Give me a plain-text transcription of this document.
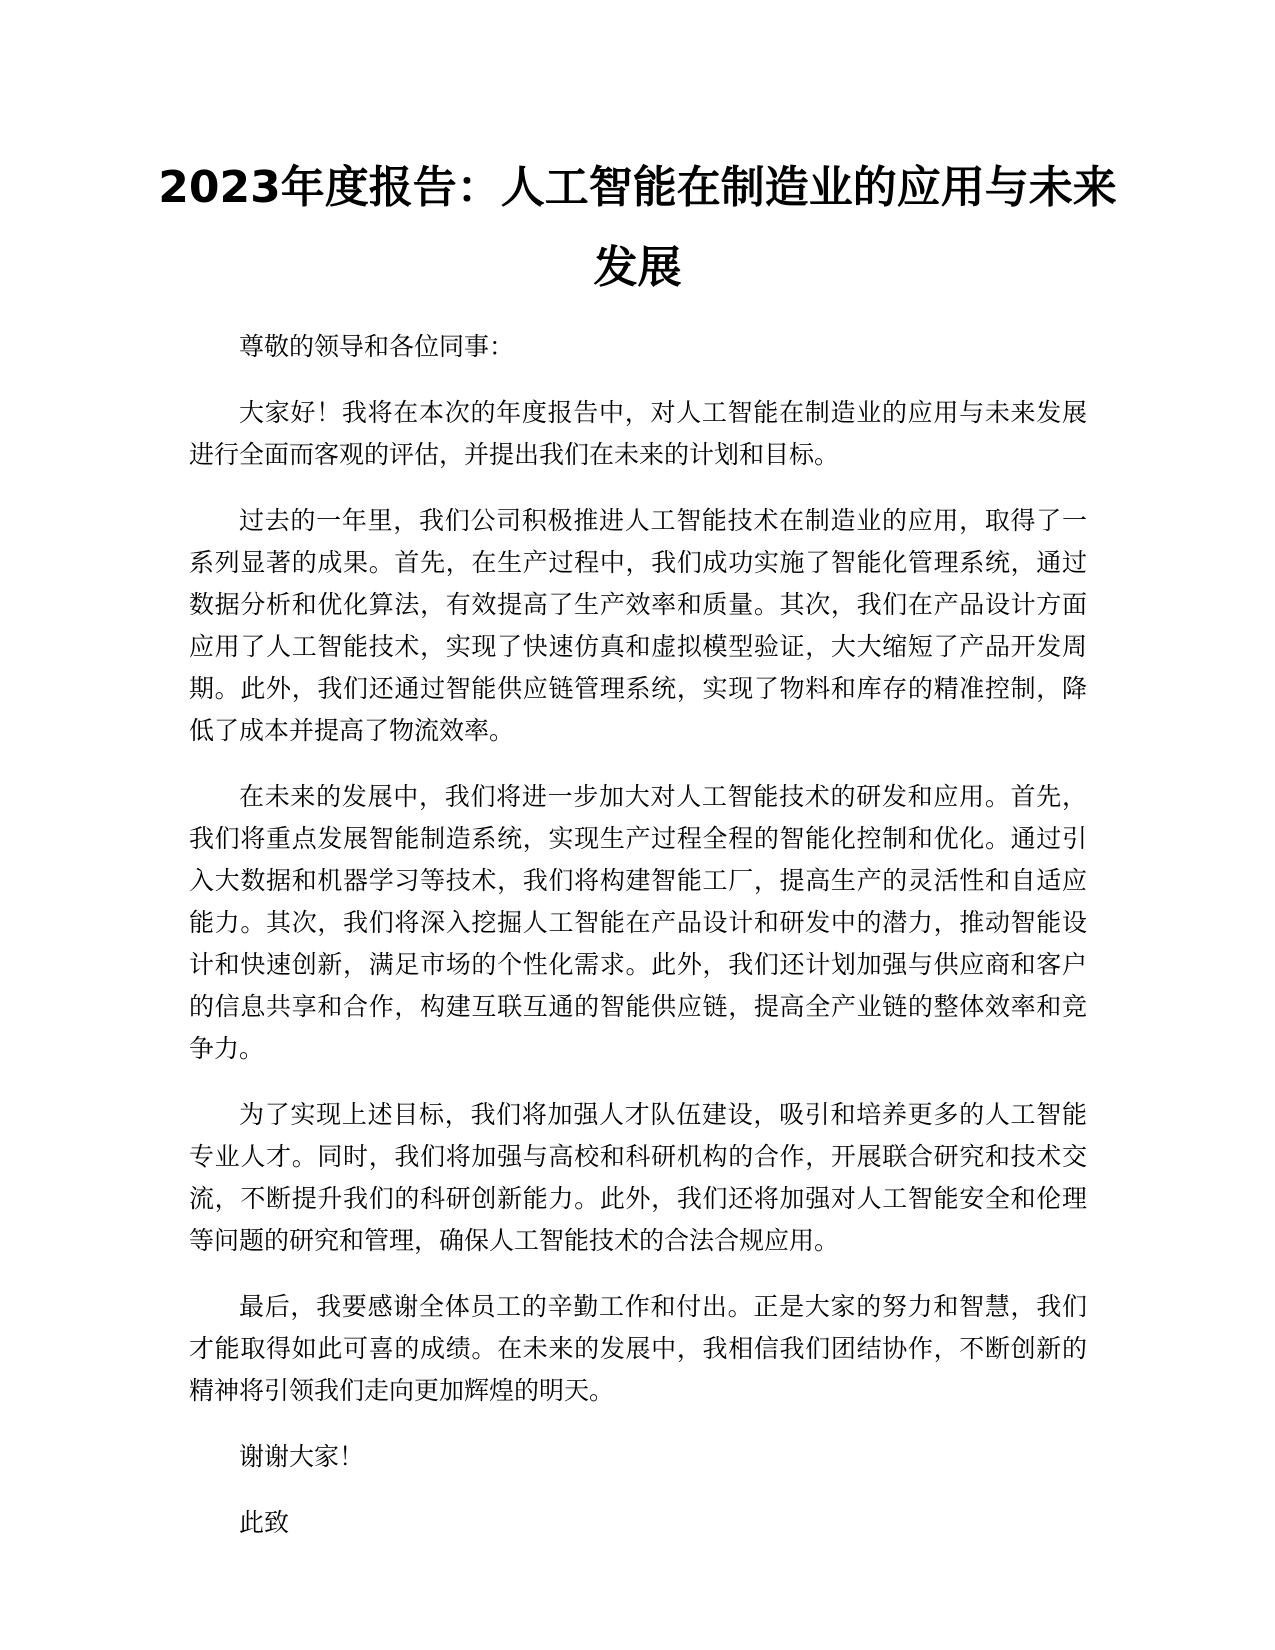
2023年度报告：人工智能在制造业的应用与未来发展

尊敬的领导和各位同事：

大家好！我将在本次的年度报告中，对人工智能在制造业的应用与未来发展进行全面而客观的评估，并提出我们在未来的计划和目标。

过去的一年里，我们公司积极推进人工智能技术在制造业的应用，取得了一系列显著的成果。首先，在生产过程中，我们成功实施了智能化管理系统，通过数据分析和优化算法，有效提高了生产效率和质量。其次，我们在产品设计方面应用了人工智能技术，实现了快速仿真和虚拟模型验证，大大缩短了产品开发周期。此外，我们还通过智能供应链管理系统，实现了物料和库存的精准控制，降低了成本并提高了物流效率。

在未来的发展中，我们将进一步加大对人工智能技术的研发和应用。首先，我们将重点发展智能制造系统，实现生产过程全程的智能化控制和优化。通过引入大数据和机器学习等技术，我们将构建智能工厂，提高生产的灵活性和自适应能力。其次，我们将深入挖掘人工智能在产品设计和研发中的潜力，推动智能设计和快速创新，满足市场的个性化需求。此外，我们还计划加强与供应商和客户的信息共享和合作，构建互联互通的智能供应链，提高全产业链的整体效率和竞争力。

为了实现上述目标，我们将加强人才队伍建设，吸引和培养更多的人工智能专业人才。同时，我们将加强与高校和科研机构的合作，开展联合研究和技术交流，不断提升我们的科研创新能力。此外，我们还将加强对人工智能安全和伦理等问题的研究和管理，确保人工智能技术的合法合规应用。

最后，我要感谢全体员工的辛勤工作和付出。正是大家的努力和智慧，我们才能取得如此可喜的成绩。在未来的发展中，我相信我们团结协作，不断创新的精神将引领我们走向更加辉煌的明天。

谢谢大家！

此致
